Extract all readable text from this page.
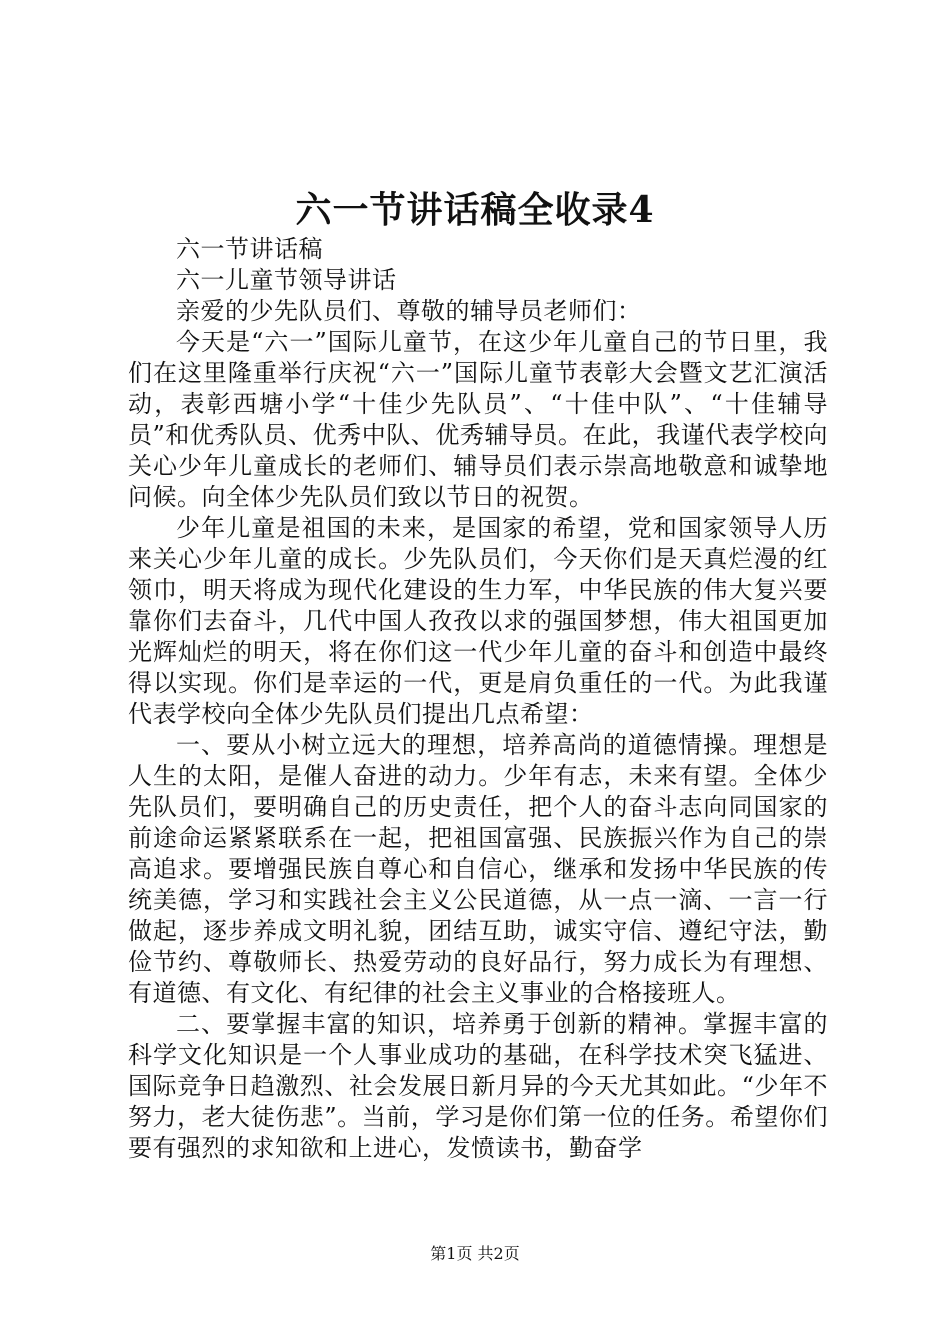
六一节讲话稿全收录4

六一节讲话稿

六一儿童节领导讲话

亲爱的少先队员们、尊敬的辅导员老师们：

今天是“六一”国际儿童节，在这少年儿童自己的节日里，我们在这里隆重举行庆祝“六一”国际儿童节表彰大会暨文艺汇演活动，表彰西塘小学“十佳少先队员”、“十佳中队”、“十佳辅导员”和优秀队员、优秀中队、优秀辅导员。在此，我谨代表学校向关心少年儿童成长的老师们、辅导员们表示崇高地敬意和诚挚地问候。向全体少先队员们致以节日的祝贺。

少年儿童是祖国的未来，是国家的希望，党和国家领导人历来关心少年儿童的成长。少先队员们，今天你们是天真烂漫的红领巾，明天将成为现代化建设的生力军，中华民族的伟大复兴要靠你们去奋斗，几代中国人孜孜以求的强国梦想，伟大祖国更加光辉灿烂的明天，将在你们这一代少年儿童的奋斗和创造中最终得以实现。你们是幸运的一代，更是肩负重任的一代。为此我谨代表学校向全体少先队员们提出几点希望：

一、要从小树立远大的理想，培养高尚的道德情操。理想是人生的太阳，是催人奋进的动力。少年有志，未来有望。全体少先队员们，要明确自己的历史责任，把个人的奋斗志向同国家的前途命运紧紧联系在一起，把祖国富强、民族振兴作为自己的崇高追求。要增强民族自尊心和自信心，继承和发扬中华民族的传统美德，学习和实践社会主义公民道德，从一点一滴、一言一行做起，逐步养成文明礼貌，团结互助，诚实守信、遵纪守法，勤俭节约、尊敬师长、热爱劳动的良好品行，努力成长为有理想、有道德、有文化、有纪律的社会主义事业的合格接班人。

二、要掌握丰富的知识，培养勇于创新的精神。掌握丰富的科学文化知识是一个人事业成功的基础，在科学技术突飞猛进、国际竞争日趋激烈、社会发展日新月异的今天尤其如此。“少年不努力，老大徒伤悲”。当前，学习是你们第一位的任务。希望你们要有强烈的求知欲和上进心，发愤读书，勤奋学

第1页 共2页
